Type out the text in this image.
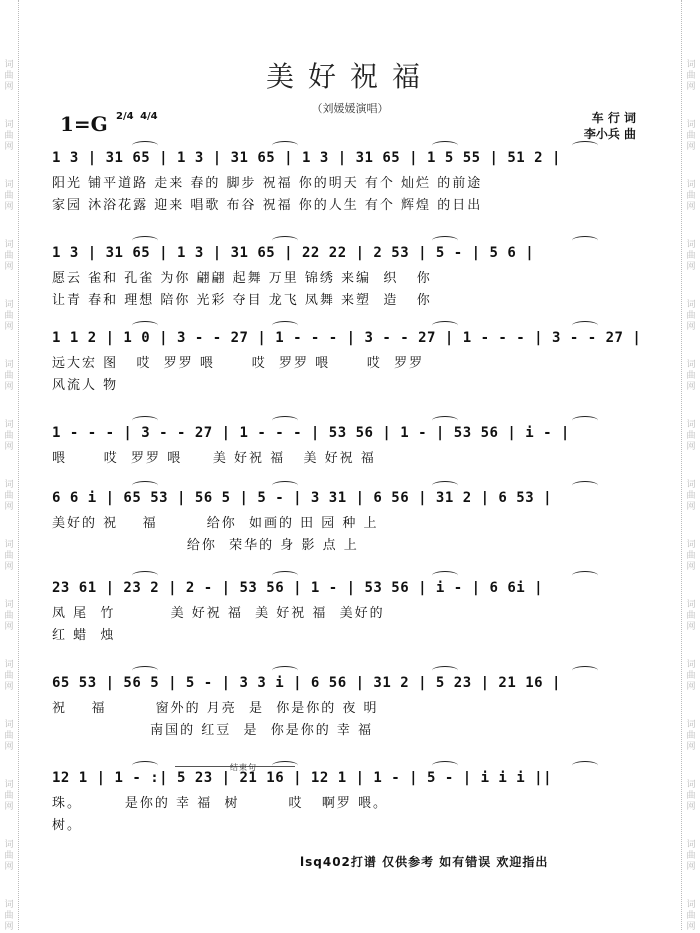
词
曲
网
词
曲
网
词
曲
网
词
曲
网
词
曲
网
词
曲
网
词
曲
网
词
曲
网
词
曲
网
词
曲
网
词
曲
网
词
曲
网
词
曲
网
词
曲
网
词
曲
网
词
曲
网
词
曲
网
词
曲
网
词
曲
网
词
曲
网
词
曲
网
词
曲
网
词
曲
网
词
曲
网
词
曲
网
词
曲
网
词
曲
网
词
曲
网
词
曲
网
词
曲
网
美好祝福
（刘媛媛演唱）
1=G 2/4 4/4	车 行 词
李小兵 曲
1 3 | 31 65 | 1 3 | 31 65 | 1 3 | 31 65 | 1 5 55 | 51 2 |
阳光 铺平道路 走来 春的 脚步 祝福 你的明天 有个 灿烂 的前途
家园 沐浴花露 迎来 唱歌 布谷 祝福 你的人生 有个 辉煌 的日出
1 3 | 31 65 | 1 3 | 31 65 | 22 22 | 2 53 | 5 - | 5 6 |
愿云 雀和 孔雀 为你 翩翩 起舞 万里 锦绣 来编  织   你
让青 春和 理想 陪你 光彩 夺目 龙飞 凤舞 来塑  造   你
1 1 2 | 1 0 | 3 - - 27 | 1 - - - | 3 - - 27 | 1 - - - | 3 - - 27 |
远大宏 图   哎  罗罗 喂      哎  罗罗 喂      哎  罗罗
风流人 物
1 - - - | 3 - - 27 | 1 - - - | 53 56 | 1 - | 53 56 | i - |
喂      哎  罗罗 喂     美 好祝 福   美 好祝 福
6 6 i | 65 53 | 56 5 | 5 - | 3 31 | 6 56 | 31 2 | 6 53 |
美好的 祝    福        给你  如画的 田 园 种 上
给你  荣华的 身 影 点 上
23 61 | 23 2 | 2 - | 53 56 | 1 - | 53 56 | i - | 6 6i |
凤 尾  竹         美 好祝 福  美 好祝 福  美好的
红 蜡  烛
65 53 | 56 5 | 5 - | 3 3 i | 6 56 | 31 2 | 5 23 | 21 16 |
祝    福        窗外的 月亮  是  你是你的 夜 明
南国的 红豆  是  你是你的 幸 福
12 1 | 1 - :| 5 23 | 21 16 | 12 1 | 1 - | 5 - | i i i ||
珠。       是你的 幸 福  树        哎   啊罗 喂。
树。
结束句
lsq402打谱 仅供参考 如有错误 欢迎指出
